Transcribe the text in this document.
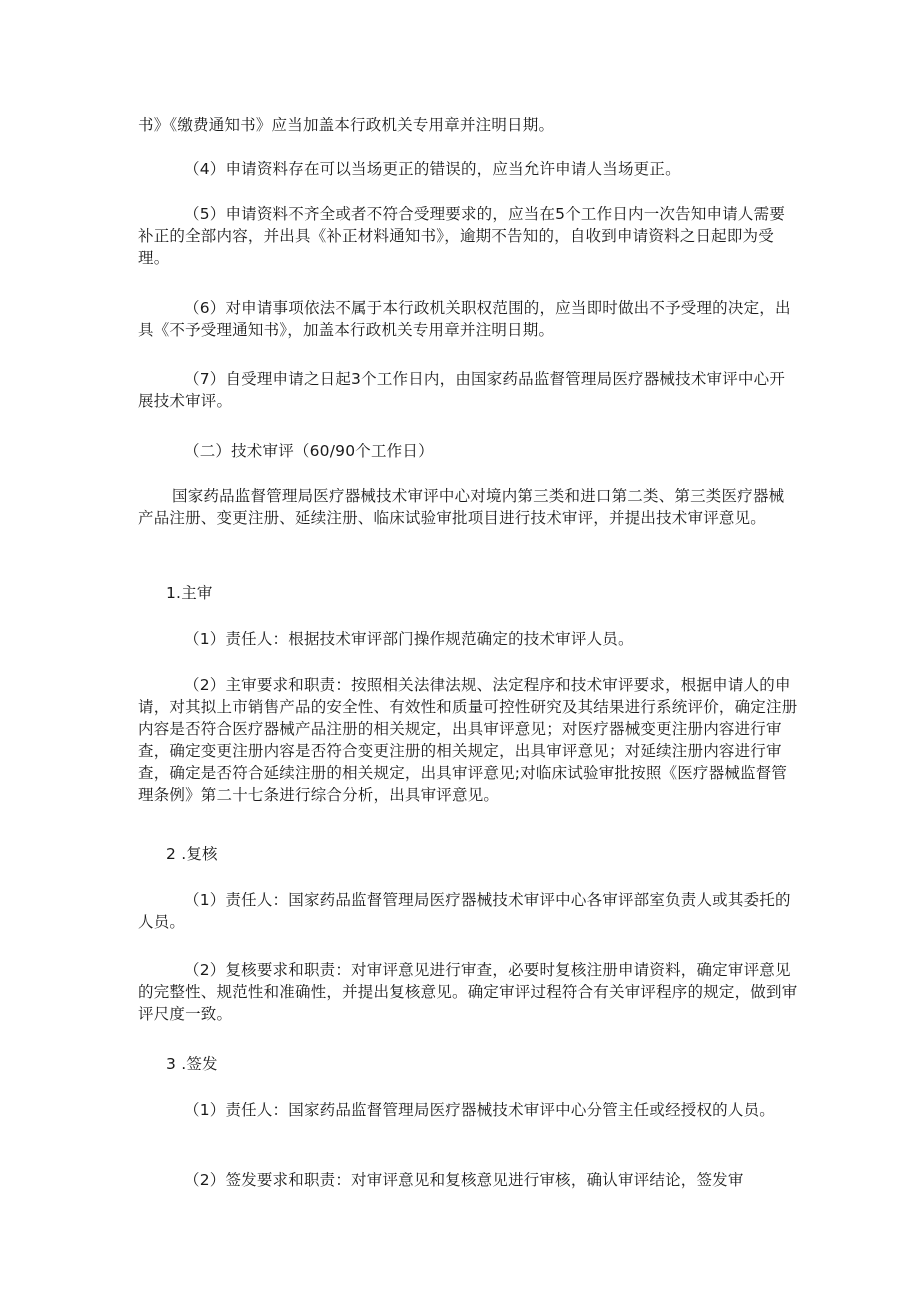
书》《缴费通知书》应当加盖本行政机关专用章并注明日期。

（4）申请资料存在可以当场更正的错误的，应当允许申请人当场更正。

（5）申请资料不齐全或者不符合受理要求的，应当在5个工作日内一次告知申请人需要补正的全部内容，并出具《补正材料通知书》，逾期不告知的，自收到申请资料之日起即为受理。

（6）对申请事项依法不属于本行政机关职权范围的，应当即时做出不予受理的决定，出具《不予受理通知书》，加盖本行政机关专用章并注明日期。

（7）自受理申请之日起3个工作日内，由国家药品监督管理局医疗器械技术审评中心开展技术审评。

（二）技术审评（60/90个工作日）

国家药品监督管理局医疗器械技术审评中心对境内第三类和进口第二类、第三类医疗器械产品注册、变更注册、延续注册、临床试验审批项目进行技术审评，并提出技术审评意见。

1.主审

（1）责任人：根据技术审评部门操作规范确定的技术审评人员。

（2）主审要求和职责：按照相关法律法规、法定程序和技术审评要求，根据申请人的申请，对其拟上市销售产品的安全性、有效性和质量可控性研究及其结果进行系统评价，确定注册内容是否符合医疗器械产品注册的相关规定，出具审评意见；对医疗器械变更注册内容进行审查，确定变更注册内容是否符合变更注册的相关规定，出具审评意见；对延续注册内容进行审查，确定是否符合延续注册的相关规定，出具审评意见;对临床试验审批按照《医疗器械监督管理条例》第二十七条进行综合分析，出具审评意见。

2 .复核

（1）责任人：国家药品监督管理局医疗器械技术审评中心各审评部室负责人或其委托的人员。

（2）复核要求和职责：对审评意见进行审查，必要时复核注册申请资料，确定审评意见的完整性、规范性和准确性，并提出复核意见。确定审评过程符合有关审评程序的规定，做到审评尺度一致。

3 .签发

（1）责任人：国家药品监督管理局医疗器械技术审评中心分管主任或经授权的人员。

（2）签发要求和职责：对审评意见和复核意见进行审核，确认审评结论，签发审
